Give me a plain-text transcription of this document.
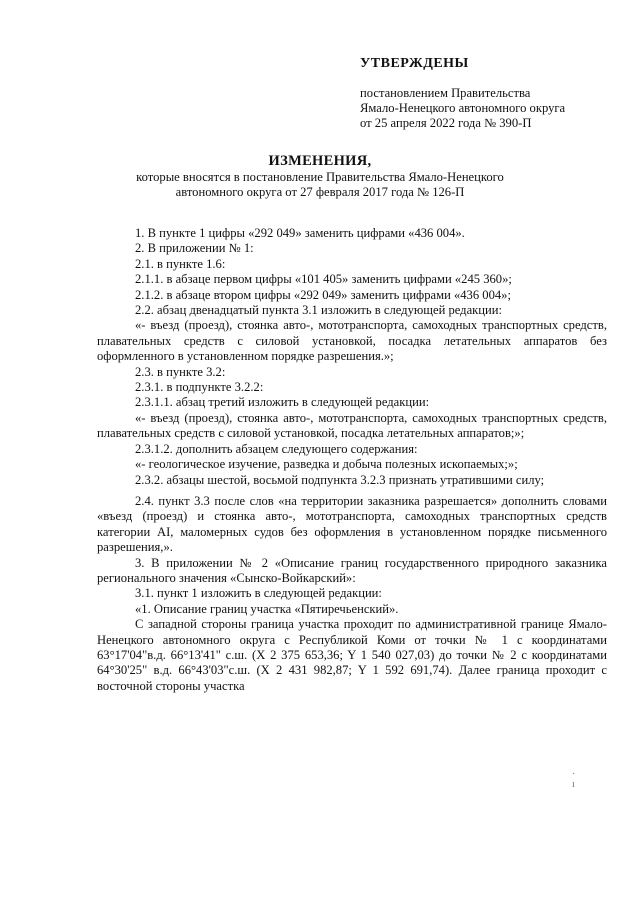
УТВЕРЖДЕНЫ
постановлением Правительства
Ямало-Ненецкого автономного округа
от 25 апреля 2022 года № 390-П
ИЗМЕНЕНИЯ,
которые вносятся в постановление Правительства Ямало-Ненецкого
автономного округа от 27 февраля 2017 года № 126-П

1. В пункте 1 цифры «292 049» заменить цифрами «436 004».

2. В приложении № 1:

2.1. в пункте 1.6:

2.1.1. в абзаце первом цифры «101 405» заменить цифрами «245 360»;

2.1.2. в абзаце втором цифры «292 049» заменить цифрами «436 004»;

2.2. абзац двенадцатый пункта 3.1 изложить в следующей редакции:

«- въезд (проезд), стоянка авто-, мототранспорта, самоходных транспортных средств, плавательных средств с силовой установкой, посадка летательных аппаратов без оформленного в установленном порядке разрешения.»;

2.3. в пункте 3.2:

2.3.1. в подпункте 3.2.2:

2.3.1.1. абзац третий изложить в следующей редакции:

«- въезд (проезд), стоянка авто-, мототранспорта, самоходных транспортных средств, плавательных средств с силовой установкой, посадка летательных аппаратов;»;

2.3.1.2. дополнить абзацем следующего содержания:

«- геологическое изучение, разведка и добыча полезных ископаемых;»;

2.3.2. абзацы шестой, восьмой подпункта 3.2.3 признать утратившими силу;

2.4. пункт 3.3 после слов «на территории заказника разрешается» дополнить словами «въезд (проезд) и стоянка авто-, мототранспорта, самоходных транспортных средств категории AI, маломерных судов без оформления в установленном порядке письменного разрешения,».

3. В приложении № 2 «Описание границ государственного природного заказника регионального значения «Сынско-Войкарский»:

3.1. пункт 1 изложить в следующей редакции:

«1. Описание границ участка «Пятиречьенский».

С западной стороны граница участка проходит по административной границе Ямало-Ненецкого автономного округа с Республикой Коми от точки № 1 с координатами 63°17'04"в.д. 66°13'41" с.ш. (X 2 375 653,36; Y 1 540 027,03) до точки № 2 с координатами 64°30'25" в.д. 66°43'03"с.ш. (X 2 431 982,87; Y 1 592 691,74). Далее граница проходит с восточной стороны участка

·
ı
